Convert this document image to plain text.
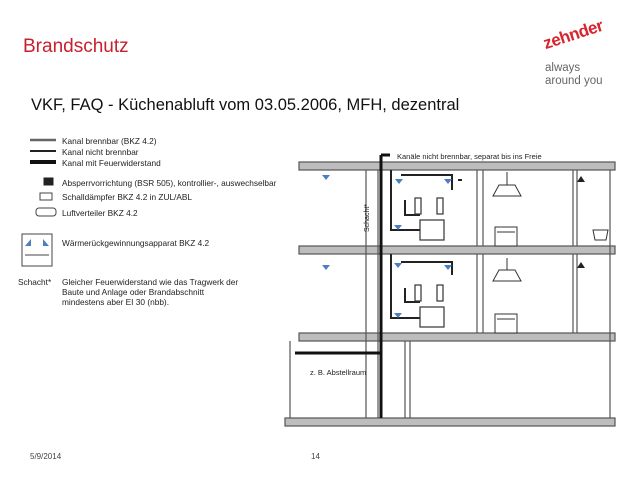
Brandschutz	zehnder
always
around you
VKF, FAQ - Küchenabluft vom 03.05.2006, MFH, dezentral
Kanal brennbar (BKZ 4.2)
Kanal nicht brennbar
Kanal mit Feuerwiderstand
Absperrvorrichtung (BSR 505), kontrollier-, auswechselbar
Schalldämpfer BKZ 4.2 in ZUL/ABL
Luftverteiler BKZ 4.2
Wärmerückgewinnungsapparat BKZ 4.2
Schacht* Gleicher Feuerwiderstand wie das Tragwerk der
Baute und Anlage oder Brandabschnitt
mindestens aber EI 30 (nbb).
Kanäle nicht brennbar, separat bis ins Freie
Schacht*
z. B. Abstellraum
5/9/2014	14
